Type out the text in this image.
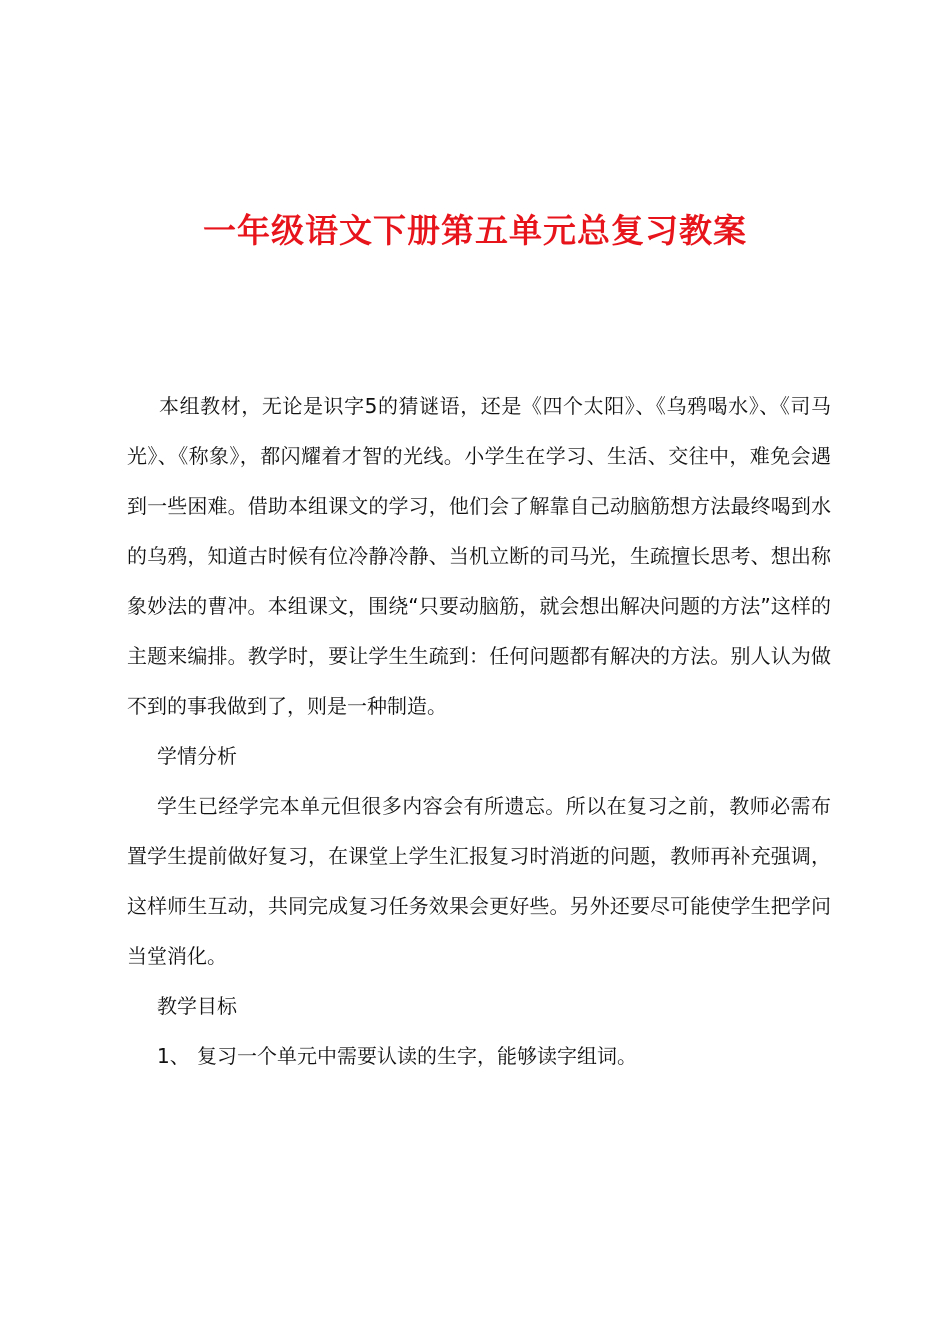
一年级语文下册第五单元总复习教案

本组教材，无论是识字5的猜谜语，还是《四个太阳》、《乌鸦喝水》、《司马光》、《称象》，都闪耀着才智的光线。小学生在学习、生活、交往中，难免会遇到一些困难。借助本组课文的学习，他们会了解靠自己动脑筋想方法最终喝到水的乌鸦，知道古时候有位冷静冷静、当机立断的司马光，生疏擅长思考、想出称象妙法的曹冲。本组课文，围绕“只要动脑筋，就会想出解决问题的方法”这样的主题来编排。教学时，要让学生生疏到：任何问题都有解决的方法。别人认为做不到的事我做到了，则是一种制造。

学情分析

学生已经学完本单元但很多内容会有所遗忘。所以在复习之前，教师必需布置学生提前做好复习，在课堂上学生汇报复习时消逝的问题，教师再补充强调，这样师生互动，共同完成复习任务效果会更好些。另外还要尽可能使学生把学问当堂消化。

教学目标

1、 复习一个单元中需要认读的生字，能够读字组词。
